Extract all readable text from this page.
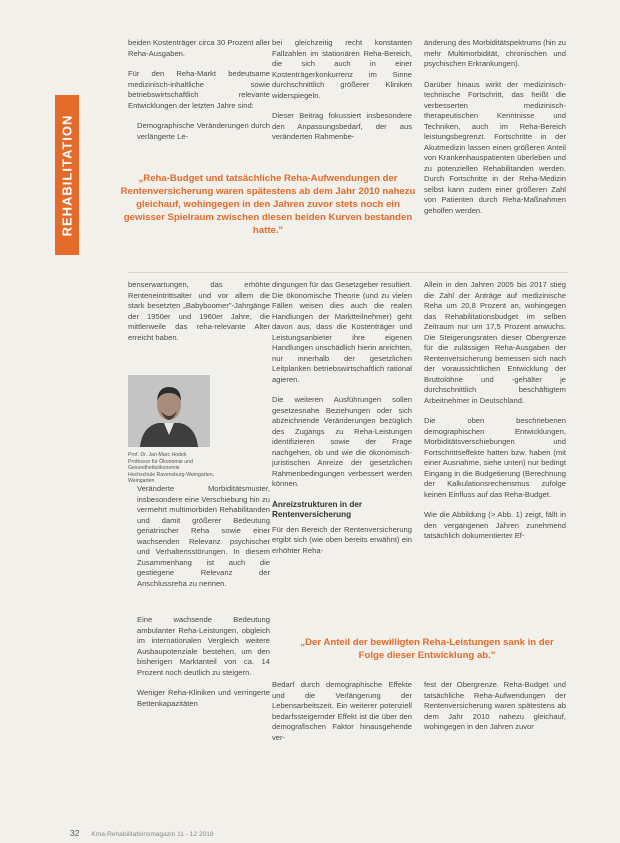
REHABILITATION

beiden Kostenträger circa 30 Prozent aller Reha-Ausgaben.

Für den Reha-Markt bedeutsame medizinisch-inhaltliche sowie betriebswirtschaftlich relevante Entwicklungen der letzten Jahre sind:

• Demographische Veränderungen durch verlängerte Le-

bei gleichzeitig recht konstanten Fallzahlen im stationären Reha-Bereich, die sich auch in einer Kostenträgerkonkurrenz im Sinne durchschnittlich größerer Kliniken widerspiegeln.

Dieser Beitrag fokussiert insbesondere den Anpassungsbedarf, der aus veränderten Rahmenbe-

änderung des Morbiditätspektrums (hin zu mehr Multimorbidität, chronischen und psychischen Erkrankungen).

Darüber hinaus wirkt der medizinisch-technische Fortschritt, das heißt die verbesserten medizinisch-therapeutischen Kenntnisse und Techniken, auch im Reha-Bereich leistungsbegrenzt. Fortschritte in der Akutmedizin lassen einen größeren Anteil von Krankenhauspatienten überleben und zu potenziellen Rehabilitanden werden. Durch Fortschritte in der Reha-Medizin selbst kann zudem einer größeren Zahl von Patienten durch Reha-Maßnahmen geholfen werden.

„Reha-Budget und tatsächliche Reha-Aufwendungen der Rentenversicherung waren spätestens ab dem Jahr 2010 nahezu gleichauf, wohingegen in den Jahren zuvor stets noch ein gewisser Spielraum zwischen diesen beiden Kurven bestanden hatte."

benserwartungen, das erhöhte Renteneintrittsalter und vor allem die stark besetzten „Babyboomer"-Jahrgänge der 1950er und 1960er Jahre, die mittlerweile das reha-relevante Alter erreicht haben.

Prof. Dr. Jan-Marc Hodek
Professor für Ökonomie und Gesundheitsökonomie
Hochschule Ravensburg-Weingarten,
Weingarten
• Veränderte Morbiditätsmuster, insbesondere eine Verschiebung hin zu vermehrt multimorbiden Rehabilitanden und damit größerer Bedeutung geriatrischer Reha sowie einer wachsenden Relevanz psychischer und Verhaltensstörungen. In diesem Zusammenhang ist auch die gestiegene Relevanz der Anschlussreha zu nennen.
• Eine wachsende Bedeutung ambulanter Reha-Leistungen, obgleich im internationalen Vergleich weitere Ausbaupotenziale bestehen, um den bisherigen Marktanteil von ca. 14 Prozent noch deutlich zu steigern.
• Weniger Reha-Kliniken und verringerte Bettenkapazitäten

dingungen für das Gesetzgeber resultiert. Die ökonomische Theorie (und zu vielen Fällen weisen dies auch die realen Handlungen der Marktteilnehmer) geht davon aus, dass die Kostenträger und Leistungsanbieter ihre eigenen Handlungen unschädlich hierin anrichten, nur innerhalb der gesetzlichen Leitplanken betriebswirtschaftlich rational agieren.

Die weiteren Ausführungen sollen gesetzesnahe Beziehungen oder sich abzeichnende Veränderungen bezüglich des Zugangs zu Reha-Leistungen identifizieren sowie der Frage nachgehen, ob und wie die ökonomisch-juristischen Anreize der gesetzlichen Rahmenbedingungen verbessert werden können.

Anreizstrukturen in der Rentenversicherung

Für den Bereich der Rentenversicherung ergibt sich (wie oben bereits erwähnt) ein erhöhter Reha-

Allein in den Jahren 2005 bis 2017 stieg die Zahl der Anträge auf medizinische Reha um 20,8 Prozent an, wohingegen das Rehabilitationsbudget im selben Zeitraum nur um 17,5 Prozent anwuchs. Die Steigerungsraten dieser Obergrenze für die zulässigen Reha-Ausgaben der Rentenversicherung bemessen sich nach der voraussichtlichen Entwicklung der Bruttolöhne und -gehälter je durchschnittlich beschäftigtem Arbeitnehmer in Deutschland.

Die oben beschriebenen demographischen Entwicklungen, Morbiditätsverschiebungen und Fortschrittseffekte hatten bzw. haben (mit einer Ausnahme, siehe unten) nur bedingt Eingang in die Budgetierung (Berechnung der Kalkulationsrechensmus zufolge keinen Einfluss auf das Reha-Budget.

Wie die Abbildung (> Abb. 1) zeigt, fällt in den vergangenen Jahren zunehmend tatsächlich dokumentierter Ef-

„Der Anteil der bewilligten Reha-Leistungen sank in der Folge dieser Entwicklung ab."

Bedarf durch demographische Effekte und die Verlängerung der Lebensarbeitszeit. Ein weiterer potenziell bedarfssteigernder Effekt ist die über den demografischen Faktor hinausgehende ver-

fest der Obergrenze. Reha-Budget und tatsächliche Reha-Aufwendungen der Rentenversicherung waren spätestens ab dem Jahr 2010 nahezu gleichauf, wohingegen in den Jahren zuvor

32 Kma-Rehabilitationsmagazin 11 - 12 2018
